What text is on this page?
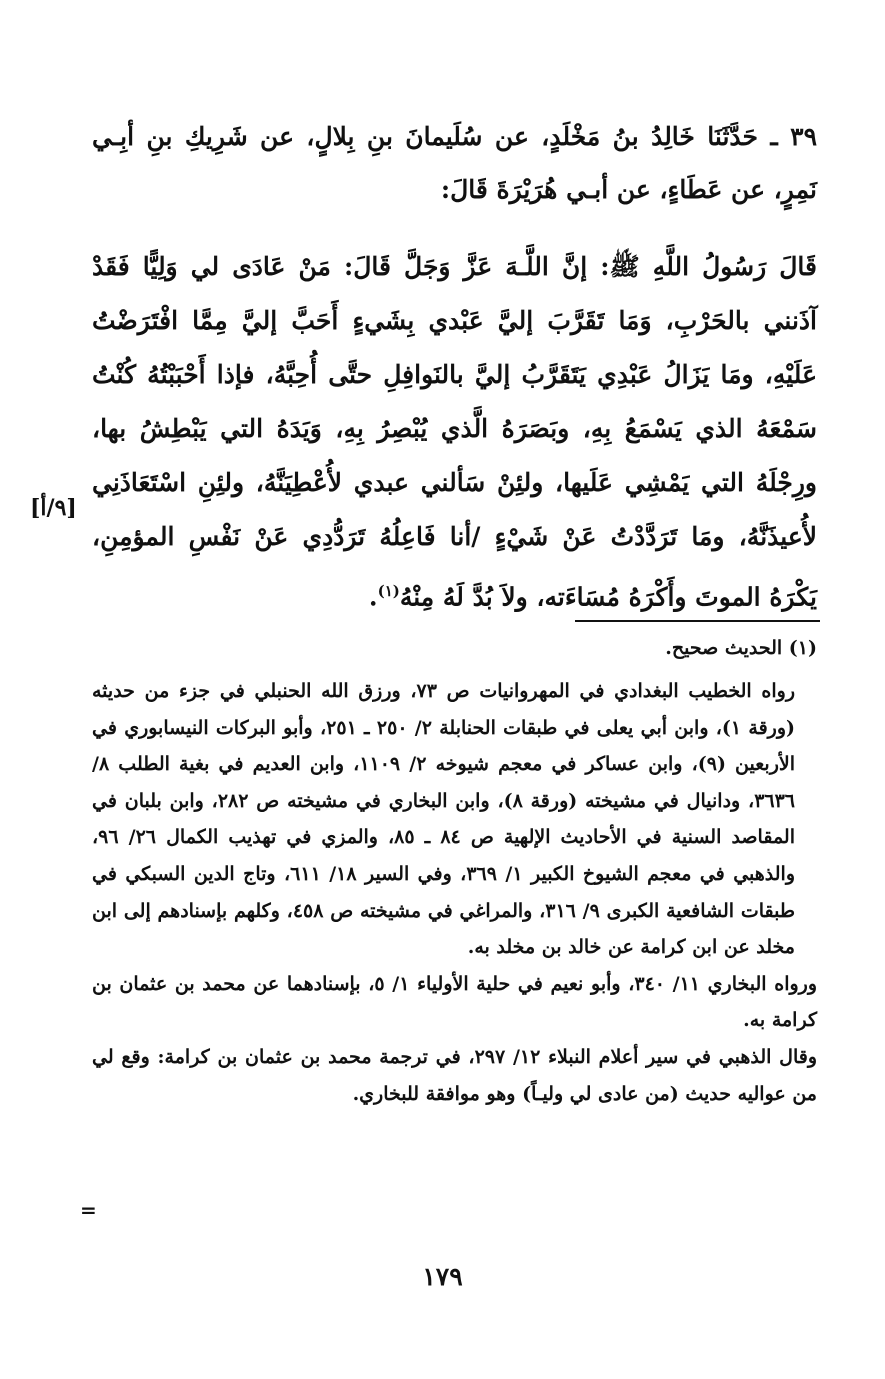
٣٩ ـ حَدَّثَنَا خَالِدُ بنُ مَخْلَدٍ، عن سُلَيمانَ بنِ بِلالٍ، عن شَرِيكِ بنِ أبِـي نَمِرٍ، عن عَطَاءٍ، عن أبـي هُرَيْرَةَ قَالَ:
قَالَ رَسُولُ اللَّهِ ﷺ: إنَّ اللَّـهَ عَزَّ وَجَلَّ قَالَ: مَنْ عَادَى لي وَلِيًّا فَقَدْ آذَنني بالحَرْبِ، وَمَا تَقَرَّبَ إليَّ عَبْدي بِشَيءٍ أَحَبَّ إليَّ مِمَّا افْتَرَضْتُ عَلَيْهِ، ومَا يَزَالُ عَبْدِي يَتَقَرَّبُ إليَّ بالنَوافِلِ حتَّى أُحِبَّهُ، فإذا أَحْبَبْتُهُ كُنْتُ سَمْعَهُ الذي يَسْمَعُ بِهِ، وبَصَرَهُ الَّذي يُبْصِرُ بِهِ، وَيَدَهُ التي يَبْطِشُ بها، ورِجْلَهُ التي يَمْشِي عَلَيها، ولئِنْ سَألني عبدي لأُعْطِيَنَّهُ، ولئِنِ اسْتَعَاذَنِي لأُعيذَنَّهُ، ومَا تَرَدَّدْتُ عَنْ شَيْءٍ /أنا فَاعِلُهُ تَرَدُّدِي عَنْ نَفْسِ المؤمِنِ، يَكْرَهُ الموتَ وأَكْرَهُ مُسَاءَته، ولاَ بُدَّ لَهُ مِنْهُ$^{(١)}$.
[٩/أ]
(١) الحديث صحيح.

رواه الخطيب البغدادي في المهروانيات ص ٧٣، ورزق الله الحنبلي في جزء من حديثه (ورقة ١)، وابن أبي يعلى في طبقات الحنابلة ٢/ ٢٥٠ ـ ٢٥١، وأبو البركات النيسابوري في الأربعين (٩)، وابن عساكر في معجم شيوخه ٢/ ١١٠٩، وابن العديم في بغية الطلب ٨/ ٣٦٣٦، ودانيال في مشيخته (ورقة ٨)، وابن البخاري في مشيخته ص ٢٨٢، وابن بلبان في المقاصد السنية في الأحاديث الإلهية ص ٨٤ ـ ٨٥، والمزي في تهذيب الكمال ٢٦/ ٩٦، والذهبي في معجم الشيوخ الكبير ١/ ٣٦٩، وفي السير ١٨/ ٦١١، وتاج الدين السبكي في طبقات الشافعية الكبرى ٩/ ٣١٦، والمراغي في مشيخته ص ٤٥٨، وكلهم بإسنادهم إلى ابن مخلد عن ابن كرامة عن خالد بن مخلد به.

ورواه البخاري ١١/ ٣٤٠، وأبو نعيم في حلية الأولياء ١/ ٥، بإسنادهما عن محمد بن عثمان بن كرامة به.

وقال الذهبي في سير أعلام النبلاء ١٢/ ٢٩٧، في ترجمة محمد بن عثمان بن كرامة: وقع لي من عواليه حديث (من عادى لي وليـاً) وهو موافقة للبخاري.

=
١٧٩
